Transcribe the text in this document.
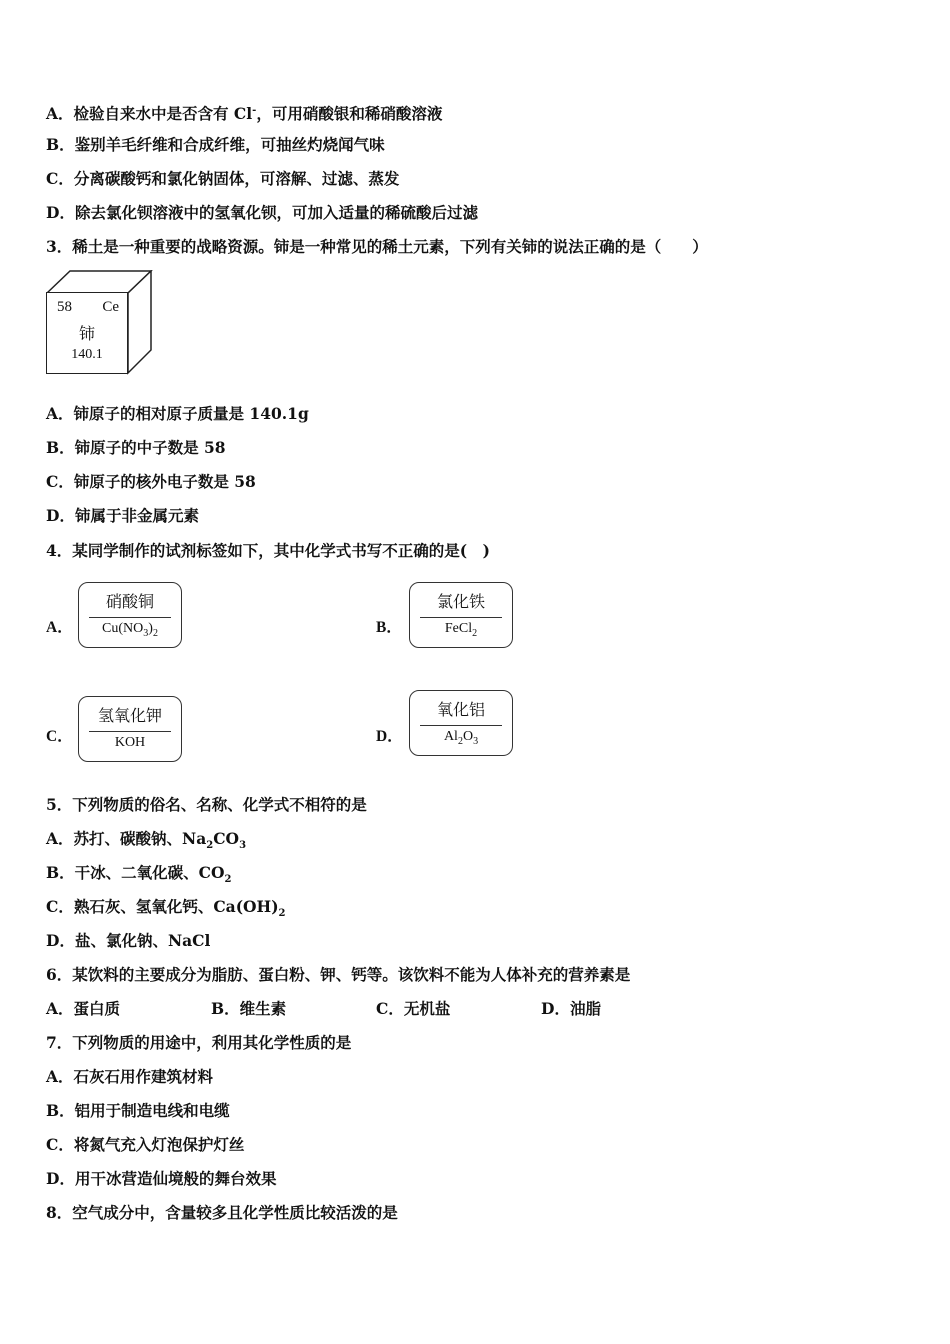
A．检验自来水中是否含有 Cl-，可用硝酸银和稀硝酸溶液
B．鉴别羊毛纤维和合成纤维，可抽丝灼烧闻气味
C．分离碳酸钙和氯化钠固体，可溶解、过滤、蒸发
D．除去氯化钡溶液中的氢氧化钡，可加入适量的稀硫酸后过滤
3．稀土是一种重要的战略资源。铈是一种常见的稀土元素，下列有关铈的说法正确的是（　　）
58 Ce
铈
140.1
A．铈原子的相对原子质量是 140.1g
B．铈原子的中子数是 58
C．铈原子的核外电子数是 58
D．铈属于非金属元素
4．某同学制作的试剂标签如下，其中化学式书写不正确的是(　)
A．
硝酸铜
$Cu(NO_3)_2$	B．
氯化铁
FeCl$_2$
C．
氢氧化钾
KOH	D．
氧化铝
$Al_2O_3$
5．下列物质的俗名、名称、化学式不相符的是
A．苏打、碳酸钠、$Na_2CO_3$
B．干冰、二氧化碳、$CO_2$
C．熟石灰、氢氧化钙、$Ca(OH)_2$
D．盐、氯化钠、NaCl
6．某饮料的主要成分为脂肪、蛋白粉、钾、钙等。该饮料不能为人体补充的营养素是
A．蛋白质	B．维生素	C．无机盐	D．油脂
7．下列物质的用途中，利用其化学性质的是
A．石灰石用作建筑材料
B．铝用于制造电线和电缆
C．将氮气充入灯泡保护灯丝
D．用干冰营造仙境般的舞台效果
8．空气成分中，含量较多且化学性质比较活泼的是
